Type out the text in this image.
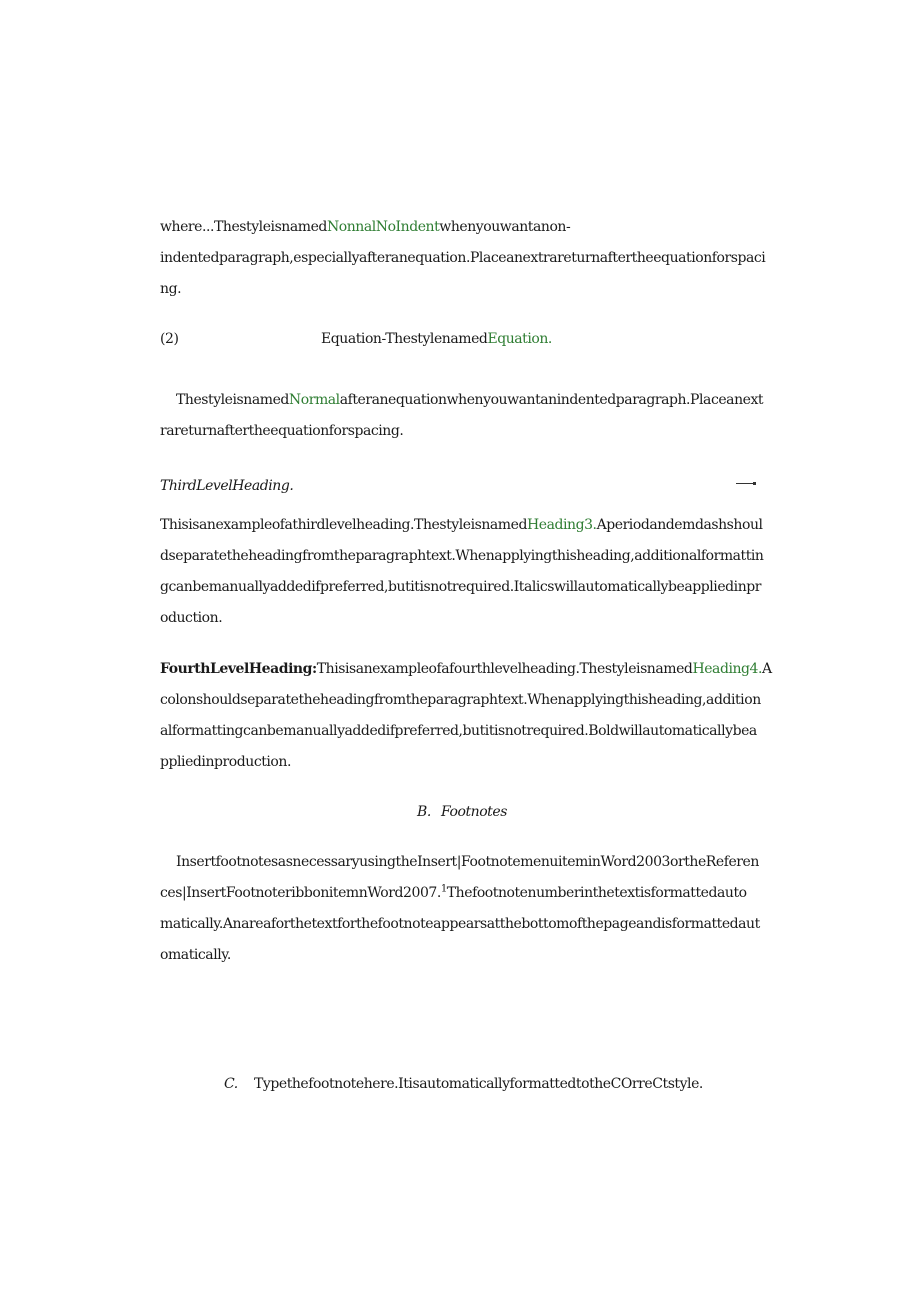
where...ThestyleisnamedNonnalNoIndentwhenyouwantanon-
indentedparagraph,especiallyafteranequation.Placeanextrareturnaftertheequationforspaci
ng.
(2)	Equation-ThestylenamedEquation.
ThestyleisnamedNormalafteranequationwhenyouwantanindentedparagraph.Placeanext
rareturnaftertheequationforspacing.
ThirdLevelHeading.
Thisisanexampleofathirdlevelheading.ThestyleisnamedHeading3.Aperiodandemdashshoul
dseparatetheheadingfromtheparagraphtext.Whenapplyingthisheading,additionalformattin
gcanbemanuallyaddedifpreferred,butitisnotrequired.Italicswillautomaticallybeappliedinpr
oduction.
FourthLevelHeading:Thisisanexampleofafourthlevelheading.ThestyleisnamedHeading4.A
colonshouldseparatetheheadingfromtheparagraphtext.Whenapplyingthisheading,addition
alformattingcanbemanuallyaddedifpreferred,butitisnotrequired.Boldwillautomaticallybea
ppliedinproduction.
B. Footnotes
InsertfootnotesasnecessaryusingtheInsert|FootnotemenuiteminWord2003ortheReferen
ces|InsertFootnoteribbonitemnWord2007.$^1$Thefootnotenumberinthetextisformattedauto
matically.Anareaforthetextforthefootnoteappearsatthebottomofthepageandisformattedaut
omatically.
C. Typethefootnotehere.ItisautomaticallyformattedtotheCOrreCtstyle.
